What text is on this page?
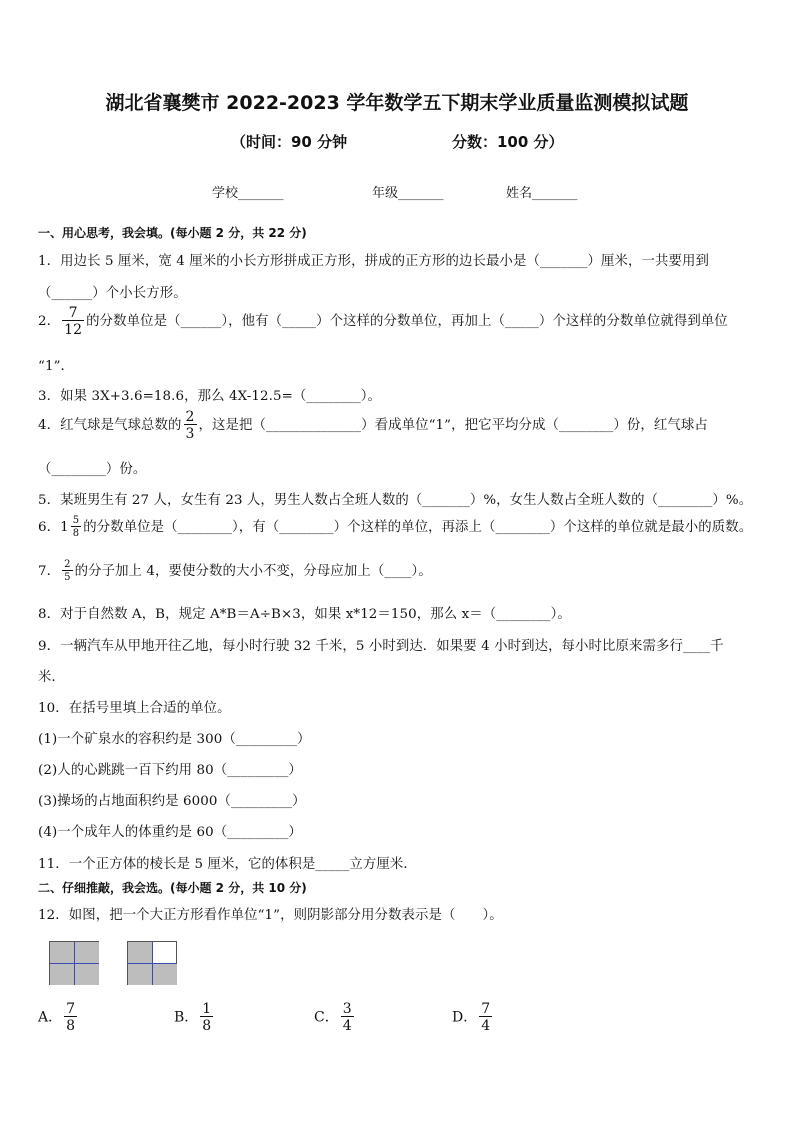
湖北省襄樊市 2022-2023 学年数学五下期末学业质量监测模拟试题
（时间：90 分钟	分数：100 分）
学校_______	年级_______	姓名_______
一、用心思考，我会填。(每小题 2 分，共 22 分)
1．用边长 5 厘米，宽 4 厘米的小长方形拼成正方形，拼成的正方形的边长最小是（_______）厘米，一共要用到
（______）个小长方形。
2． $\frac{7}{12}$ 的分数单位是（______），他有（_____）个这样的分数单位，再加上（_____）个这样的分数单位就得到单位
“1”．
3．如果 3X+3.6=18.6，那么 4X-12.5=（________）。
4．红气球是气球总数的 $\frac{2}{3}$ ，这是把（______________）看成单位“1”，把它平均分成（________）份，红气球占
（________）份。
5．某班男生有 27 人，女生有 23 人，男生人数占全班人数的（_______）%，女生人数占全班人数的（________）%。
6． $1 \frac{5}{8}$ 的分数单位是（________），有（________）个这样的单位，再添上（________）个这样的单位就是最小的质数。
7． $\frac{2}{5}$ 的分子加上 4，要使分数的大小不变，分母应加上（____）。
8．对于自然数 A，B，规定 A*B＝A÷B×3，如果 x*12＝150，那么 x＝（________）。
9．一辆汽车从甲地开往乙地，每小时行驶 32 千米，5 小时到达．如果要 4 小时到达，每小时比原来需多行____千
米．
10．在括号里填上合适的单位。
(1)一个矿泉水的容积约是 300（_________）
(2)人的心跳跳一百下约用 80（_________）
(3)操场的占地面积约是 6000（_________）
(4)一个成年人的体重约是 60（_________）
11．一个正方体的棱长是 5 厘米，它的体积是_____立方厘米．
二、仔细推敲，我会选。(每小题 2 分，共 10 分)
12．如图，把一个大正方形看作单位“1”，则阴影部分用分数表示是（　　）。
A． $\frac{7}{8}$	B． $\frac{1}{8}$	C． $\frac{3}{4}$	D． $\frac{7}{4}$
